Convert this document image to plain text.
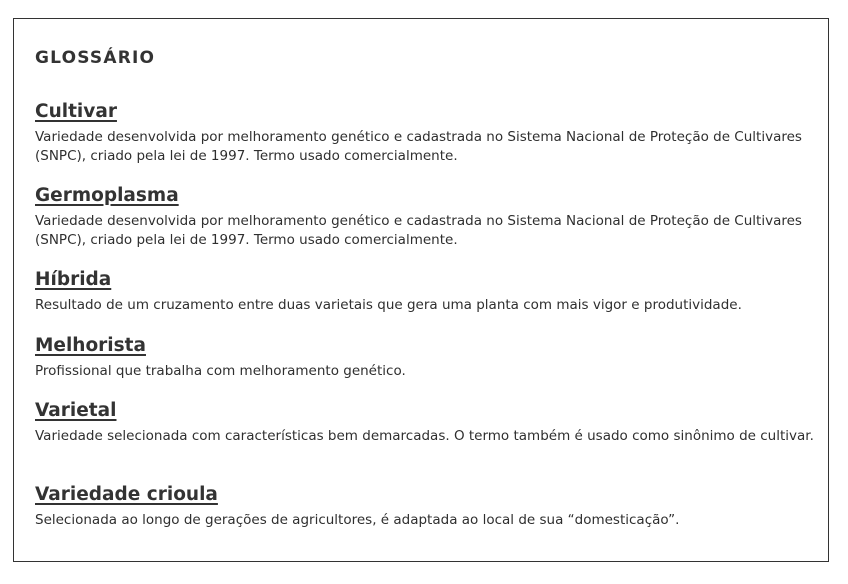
GLOSSÁRIO
Cultivar

Variedade desenvolvida por melhoramento genético e cadastrada no Sistema Nacional de Proteção de Cultivares (SNPC), criado pela lei de 1997. Termo usado comercialmente.

Germoplasma

Variedade desenvolvida por melhoramento genético e cadastrada no Sistema Nacional de Proteção de Cultivares (SNPC), criado pela lei de 1997. Termo usado comercialmente.

Híbrida

Resultado de um cruzamento entre duas varietais que gera uma planta com mais vigor e produtividade.

Melhorista

Profissional que trabalha com melhoramento genético.

Varietal

Variedade selecionada com características bem demarcadas. O termo também é usado como sinônimo de cultivar.

Variedade crioula

Selecionada ao longo de gerações de agricultores, é adaptada ao local de sua “domesticação”.
